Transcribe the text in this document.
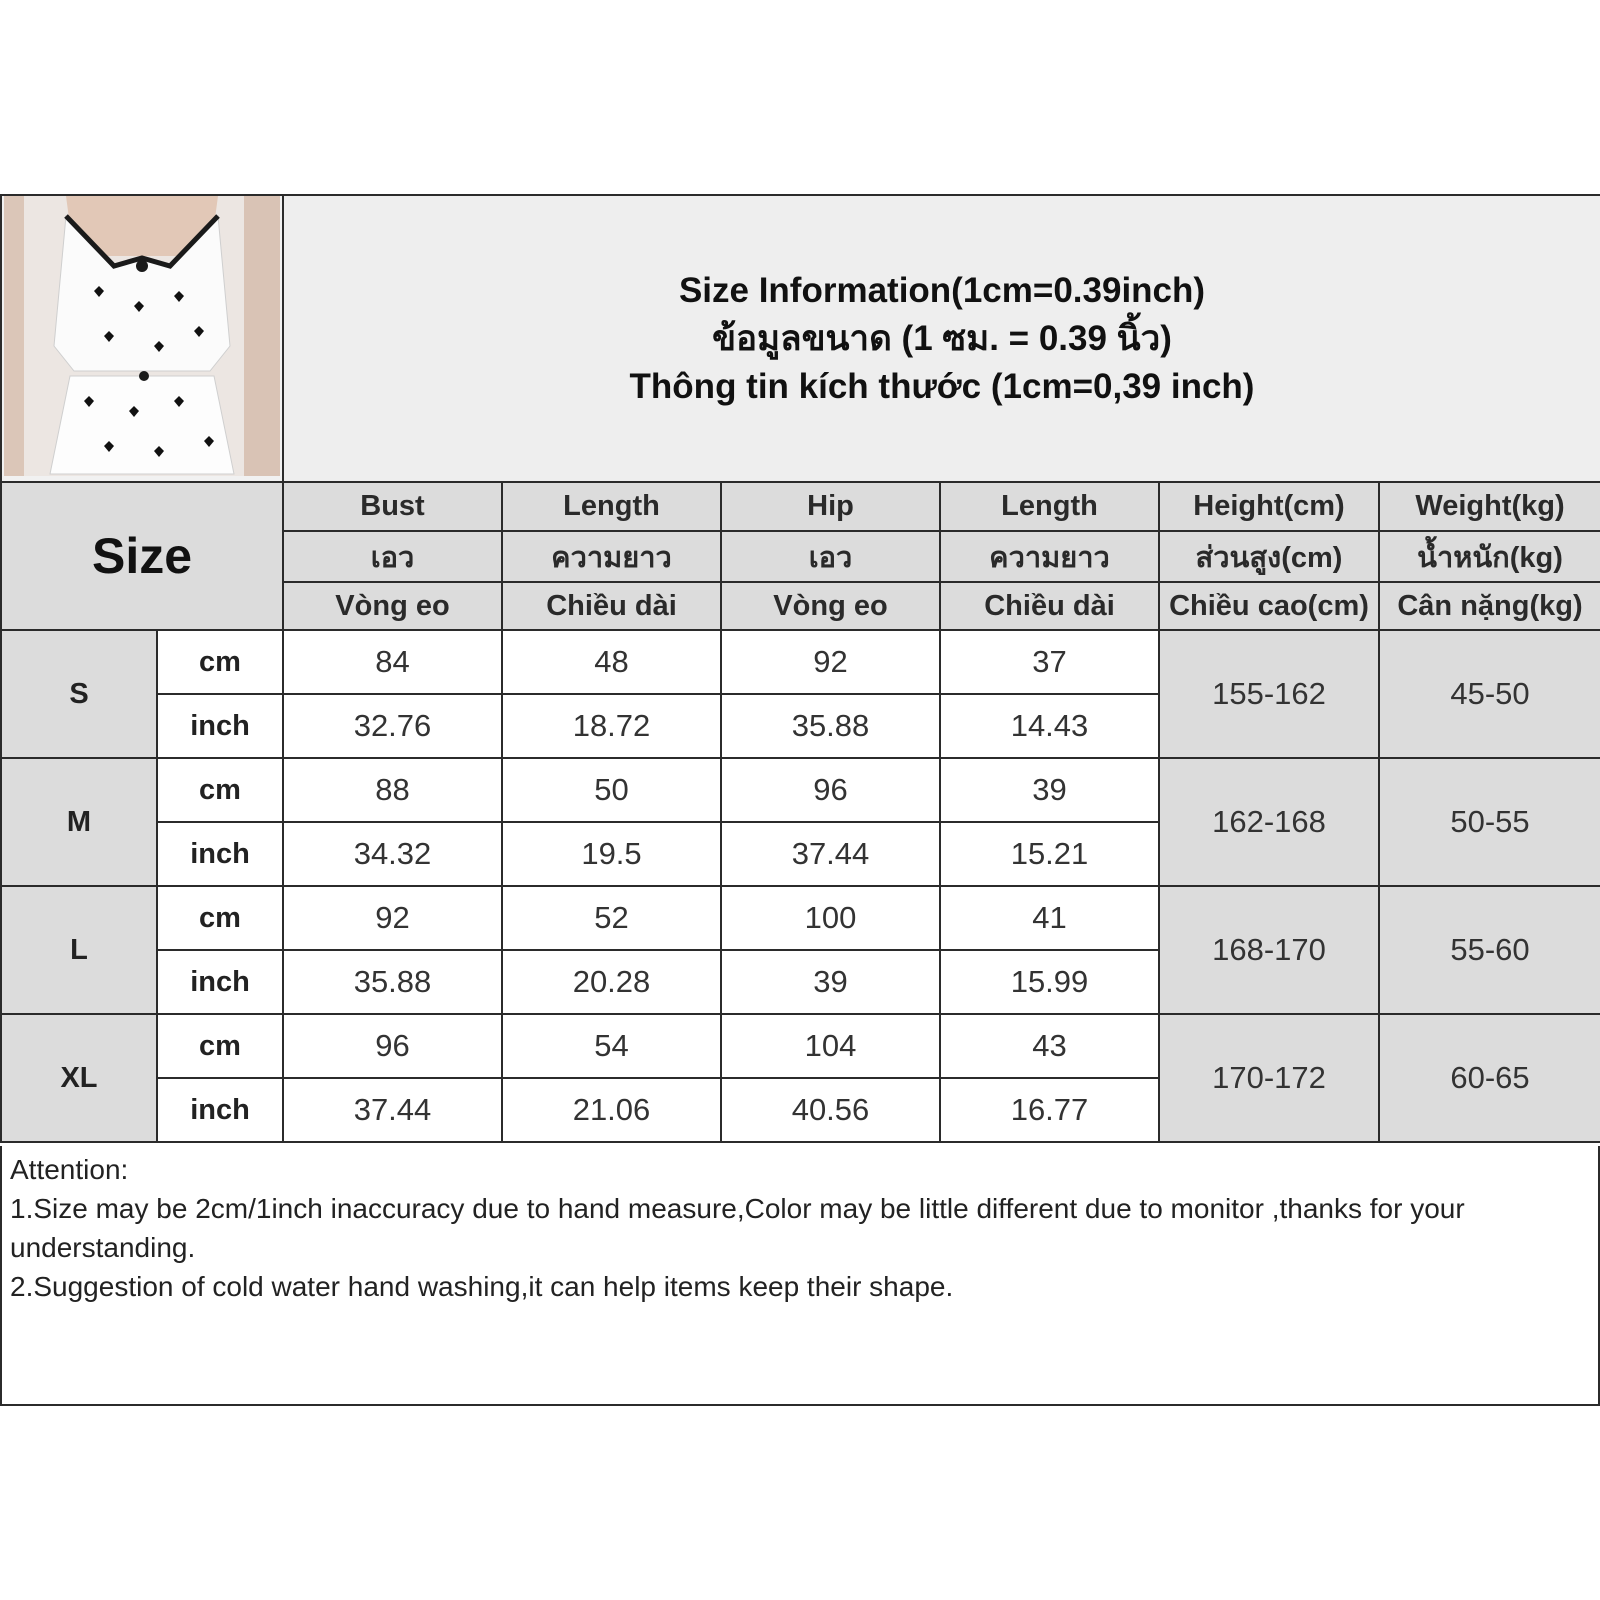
Size Information(1cm=0.39inch)
ข้อมูลขนาด (1 ซม. = 0.39 นิ้ว)
Thông tin kích thước (1cm=0,39 inch)					

Size		Bust	Length	Hip	Length	Height(cm)	Weight(kg)
		เอว	ความยาว	เอว	ความยาว	ส่วนสูง(cm)	น้ำหนัก(kg)
		Vòng eo	Chiều dài	Vòng eo	Chiều dài	Chiều cao(cm)	Cân nặng(kg)
S	cm	84	48	92	37	155-162	45-50
	inch	32.76	18.72	35.88	14.43		
M	cm	88	50	96	39	162-168	50-55
	inch	34.32	19.5	37.44	15.21		
L	cm	92	52	100	41	168-170	55-60
	inch	35.88	20.28	39	15.99		
XL	cm	96	54	104	43	170-172	60-65
	inch	37.44	21.06	40.56	16.77		

Attention:

1.Size may be 2cm/1inch inaccuracy due to hand measure,Color may be little different due to monitor ,thanks for your understanding.

2.Suggestion of cold water hand washing,it can help items keep their shape.
